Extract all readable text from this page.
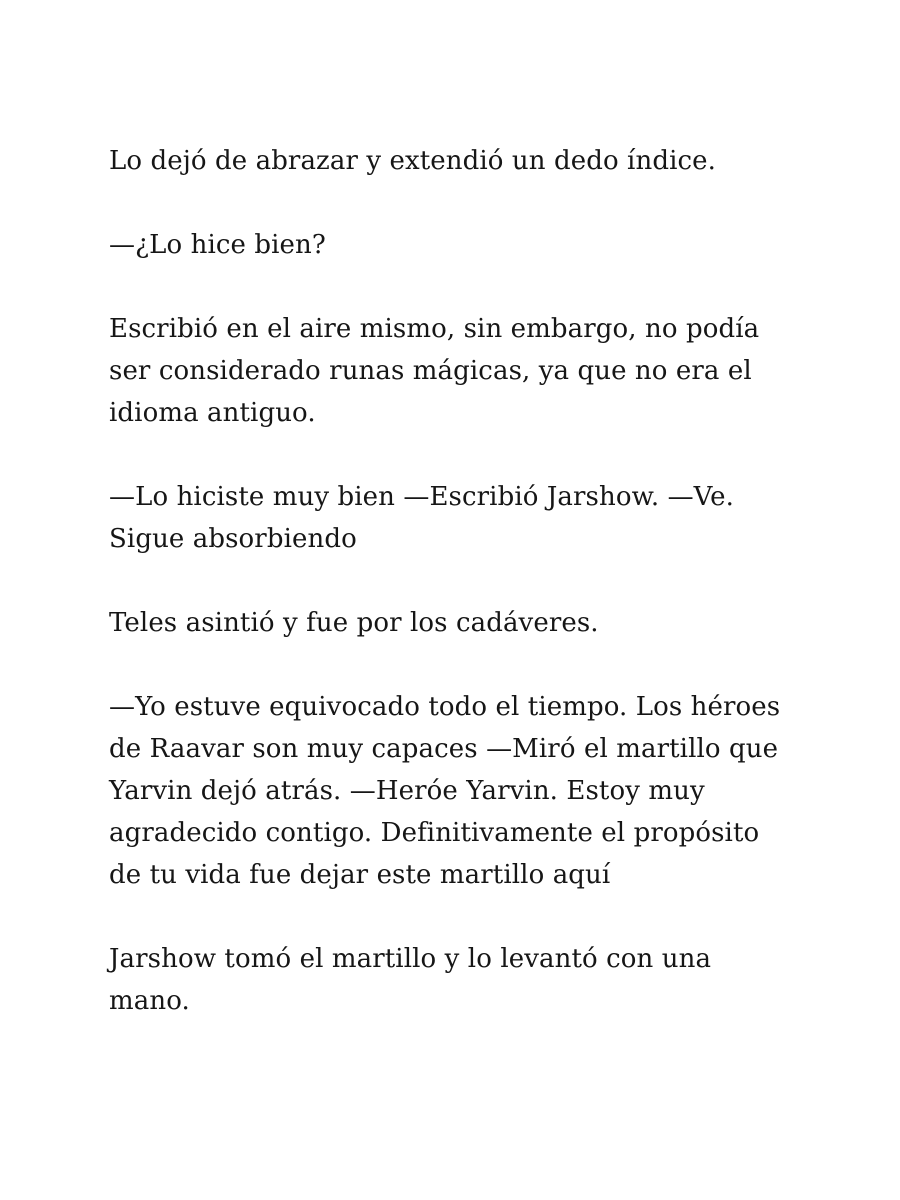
Lo dejó de abrazar y extendió un dedo índice.

—¿Lo hice bien?

Escribió en el aire mismo, sin embargo, no podía ser considerado runas mágicas, ya que no era el idioma antiguo.

—Lo hiciste muy bien —Escribió Jarshow. —Ve. Sigue absorbiendo

Teles asintió y fue por los cadáveres.

—Yo estuve equivocado todo el tiempo. Los héroes de Raavar son muy capaces —Miró el martillo que Yarvin dejó atrás. —Heróe Yarvin. Estoy muy agradecido contigo. Definitivamente el propósito de tu vida fue dejar este martillo aquí

Jarshow tomó el martillo y lo levantó con una mano.
